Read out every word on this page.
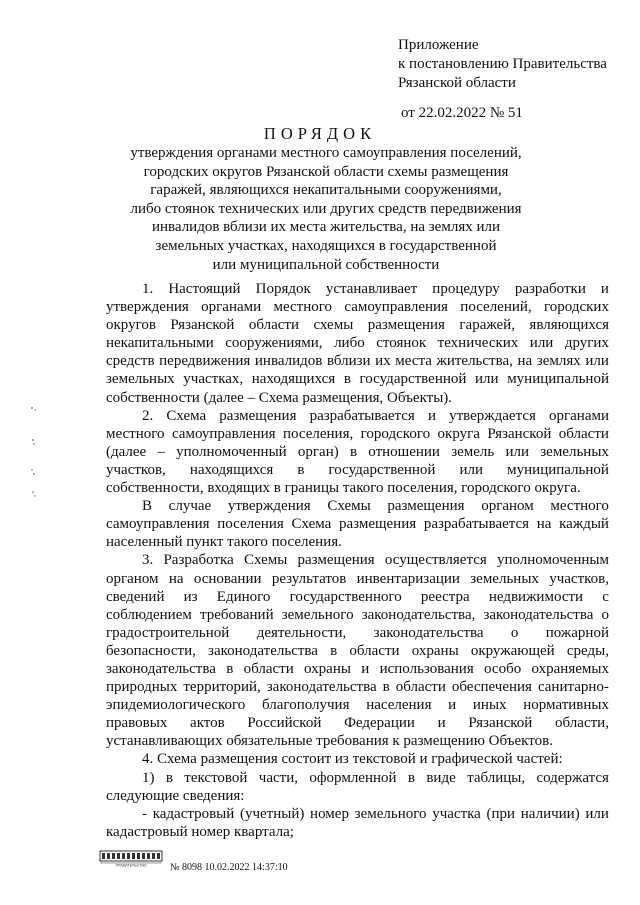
Приложение
к постановлению Правительства
Рязанской области
от 22.02.2022 № 51
ПОРЯДОК
утверждения органами местного самоуправления поселений,
городских округов Рязанской области схемы размещения
гаражей, являющихся некапитальными сооружениями,
либо стоянок технических или других средств передвижения
инвалидов вблизи их места жительства, на землях или
земельных участках, находящихся в государственной
или муниципальной собственности
1. Настоящий Порядок устанавливает процедуру разработки и
утверждения органами местного самоуправления поселений, городских
округов Рязанской области схемы размещения гаражей, являющихся
некапитальными сооружениями, либо стоянок технических или других
средств передвижения инвалидов вблизи их места жительства, на землях или
земельных участках, находящихся в государственной или муниципальной
собственности (далее – Схема размещения, Объекты).
2. Схема размещения разрабатывается и утверждается органами
местного самоуправления поселения, городского округа Рязанской области
(далее – уполномоченный орган) в отношении земель или земельных
участков, находящихся в государственной или муниципальной
собственности, входящих в границы такого поселения, городского округа.
В случае утверждения Схемы размещения органом местного
самоуправления поселения Схема размещения разрабатывается на каждый
населенный пункт такого поселения.
3. Разработка Схемы размещения осуществляется уполномоченным
органом на основании результатов инвентаризации земельных участков,
сведений из Единого государственного реестра недвижимости с
соблюдением требований земельного законодательства, законодательства о
градостроительной деятельности, законодательства о пожарной
безопасности, законодательства в области охраны окружающей среды,
законодательства в области охраны и использования особо охраняемых
природных территорий, законодательства в области обеспечения санитарно-
эпидемиологического благополучия населения и иных нормативных
правовых актов Российской Федерации и Рязанской области,
устанавливающих обязательные требования к размещению Объектов.
4. Схема размещения состоит из текстовой и графической частей:
1) в текстовой части, оформленной в виде таблицы, содержатся
следующие сведения:
- кадастровый (учетный) номер земельного участка (при наличии) или
кадастровый номер квартала;
ПРАВИТЕЛЬСТВО № 8098 10.02.2022 14:37:10
